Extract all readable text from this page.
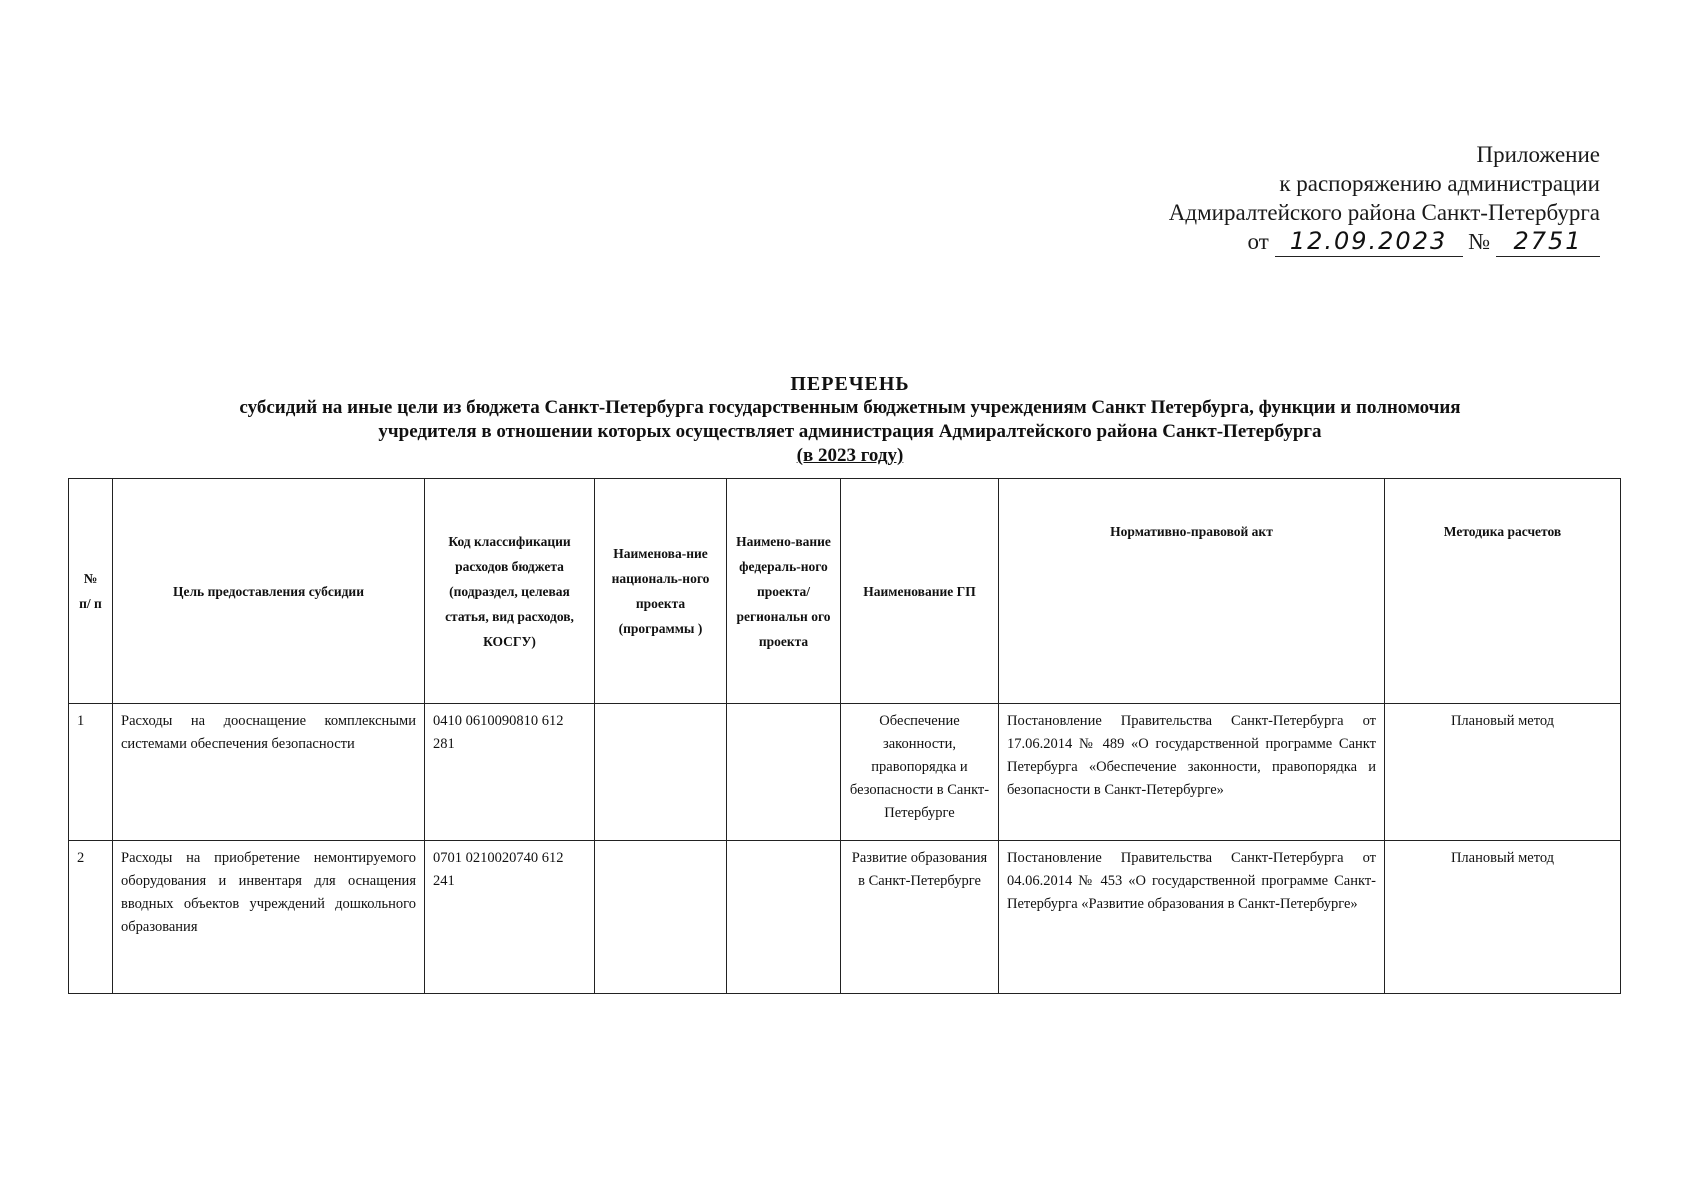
Приложение
к распоряжению администрации
Адмиралтейского района Санкт-Петербурга
от 12.09.2023 № 2751
ПЕРЕЧЕНЬ
субсидий на иные цели из бюджета Санкт-Петербурга государственным бюджетным учреждениям Санкт Петербурга, функции и полномочия
учредителя в отношении которых осуществляет администрация Адмиралтейского района Санкт-Петербурга
(в 2023 году)
№ п/ п	Цель предоставления субсидии	Код классификации расходов бюджета (подраздел, целевая статья, вид расходов, КОСГУ)	Наименова-ние националь-ного проекта (программы )	Наимено-вание федераль-ного проекта/ региональн ого проекта	Наименование ГП	Нормативно-правовой акт	Методика расчетов
1	Расходы на дооснащение комплексными системами обеспечения безопасности	0410 0610090810 612 281			Обеспечение законности, правопорядка и безопасности в Санкт-Петербурге	Постановление Правительства Санкт-Петербурга от 17.06.2014 № 489 «О государственной программе Санкт Петербурга «Обеспечение законности, правопорядка и безопасности в Санкт-Петербурге»	Плановый метод
2	Расходы на приобретение немонтируемого оборудования и инвентаря для оснащения вводных объектов учреждений дошкольного образования	0701 0210020740 612 241			Развитие образования в Санкт-Петербурге	Постановление Правительства Санкт-Петербурга от 04.06.2014 № 453 «О государственной программе Санкт-Петербурга «Развитие образования в Санкт-Петербурге»	Плановый метод
